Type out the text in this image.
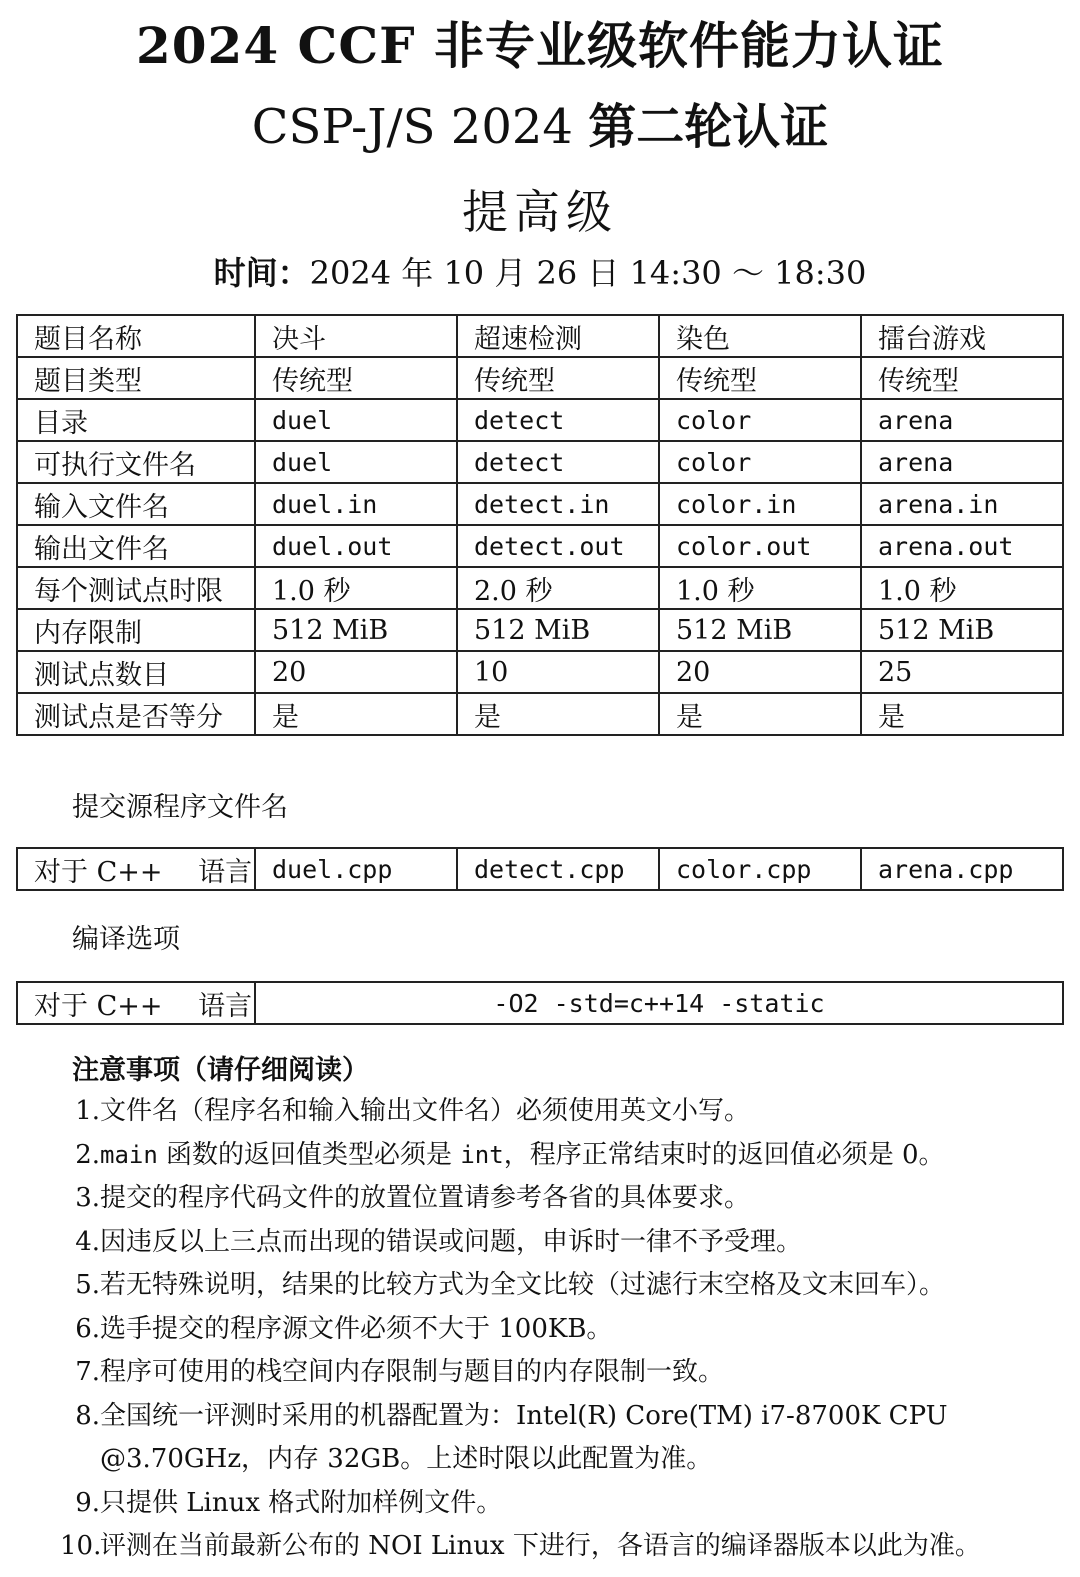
2024 CCF 非专业级软件能力认证
CSP-J/S 2024 第二轮认证
提高级
时间：2024 年 10 月 26 日 14:30 ～ 18:30
题目名称	决斗	超速检测	染色	擂台游戏
题目类型	传统型	传统型	传统型	传统型
目录	duel	detect	color	arena
可执行文件名	duel	detect	color	arena
输入文件名	duel.in	detect.in	color.in	arena.in
输出文件名	duel.out	detect.out	color.out	arena.out
每个测试点时限	1.0 秒	2.0 秒	1.0 秒	1.0 秒
内存限制	512 MiB	512 MiB	512 MiB	512 MiB
测试点数目	20	10	20	25
测试点是否等分	是	是	是	是
提交源程序文件名
对于 C++ 　语言	duel.cpp	detect.cpp	color.cpp	arena.cpp
编译选项
对于 C++ 　语言	-O2 -std=c++14 -static
注意事项（请仔细阅读）
1. 文件名（程序名和输入输出文件名）必须使用英文小写。
2. main 函数的返回值类型必须是 int，程序正常结束时的返回值必须是 0。
3. 提交的程序代码文件的放置位置请参考各省的具体要求。
4. 因违反以上三点而出现的错误或问题，申诉时一律不予受理。
5. 若无特殊说明，结果的比较方式为全文比较（过滤行末空格及文末回车）。
6. 选手提交的程序源文件必须不大于 100KB。
7. 程序可使用的栈空间内存限制与题目的内存限制一致。
8. 全国统一评测时采用的机器配置为：Intel(R) Core(TM) i7-8700K CPU @3.70GHz，内存 32GB。上述时限以此配置为准。
9. 只提供 Linux 格式附加样例文件。
10.
评测在当前最新公布的 NOI Linux 下进行，各语言的编译器版本以此为准。
